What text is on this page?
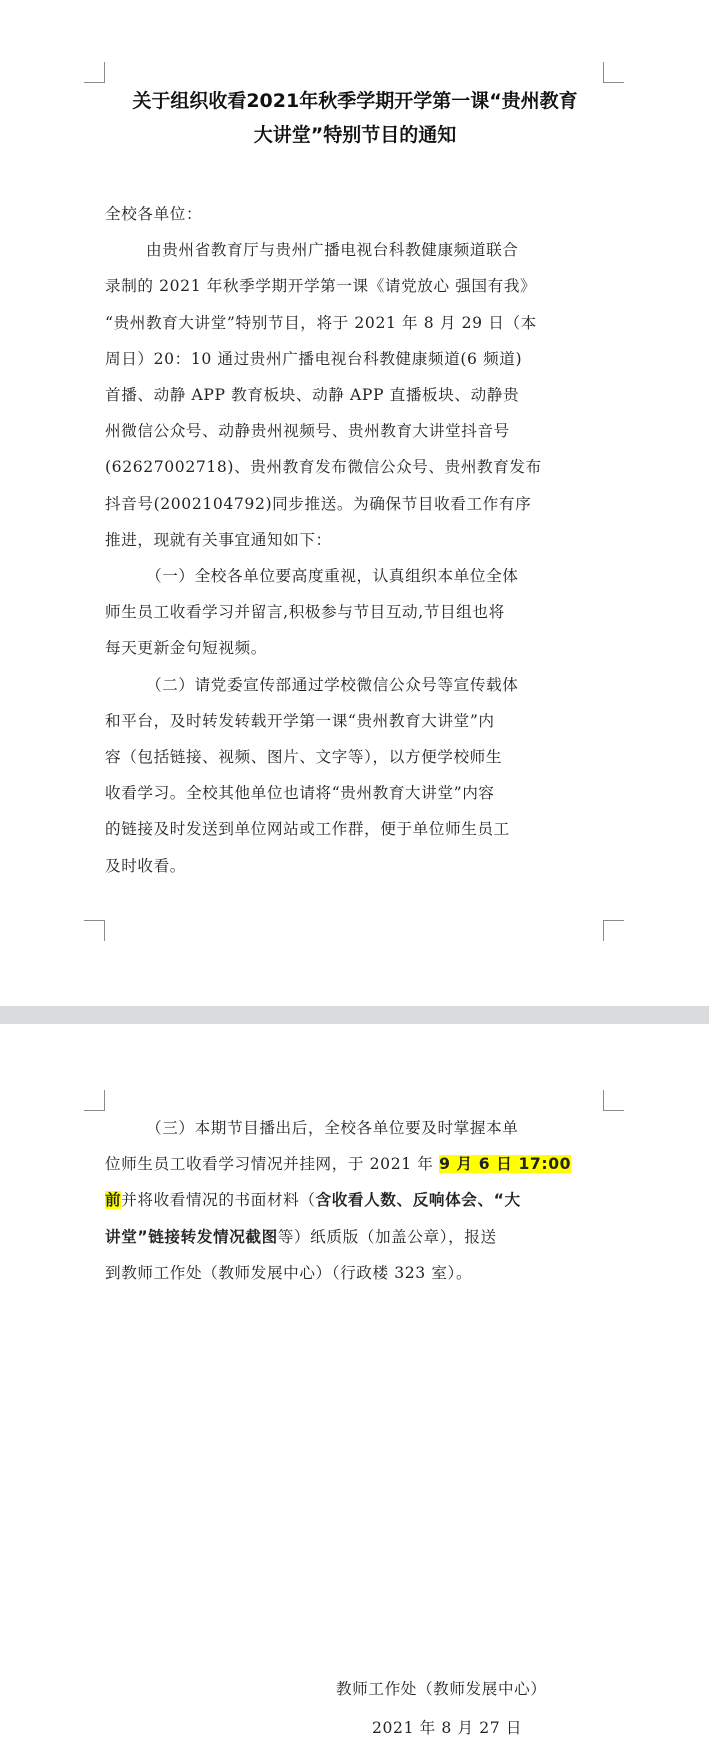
关于组织收看2021年秋季学期开学第一课“贵州教育
大讲堂”特别节目的通知
全校各单位：
由贵州省教育厅与贵州广播电视台科教健康频道联合
录制的 2021 年秋季学期开学第一课《请党放心 强国有我》
“贵州教育大讲堂”特别节目，将于 2021 年 8 月 29 日（本
周日）20：10 通过贵州广播电视台科教健康频道(6 频道)
首播、动静 APP 教育板块、动静 APP 直播板块、动静贵
州微信公众号、动静贵州视频号、贵州教育大讲堂抖音号
(62627002718)、贵州教育发布微信公众号、贵州教育发布
抖音号(2002104792)同步推送。为确保节目收看工作有序
推进，现就有关事宜通知如下：
（一）全校各单位要高度重视，认真组织本单位全体
师生员工收看学习并留言,积极参与节目互动,节目组也将
每天更新金句短视频。
（二）请党委宣传部通过学校微信公众号等宣传载体
和平台，及时转发转载开学第一课“贵州教育大讲堂”内
容（包括链接、视频、图片、文字等），以方便学校师生
收看学习。全校其他单位也请将“贵州教育大讲堂”内容
的链接及时发送到单位网站或工作群，便于单位师生员工
及时收看。
（三）本期节目播出后，全校各单位要及时掌握本单
位师生员工收看学习情况并挂网，于 2021 年 9 月 6 日 17:00
前并将收看情况的书面材料（含收看人数、反响体会、“大
讲堂”链接转发情况截图等）纸质版（加盖公章），报送
到教师工作处（教师发展中心）（行政楼 323 室）。
教师工作处（教师发展中心）
2021 年 8 月 27 日
